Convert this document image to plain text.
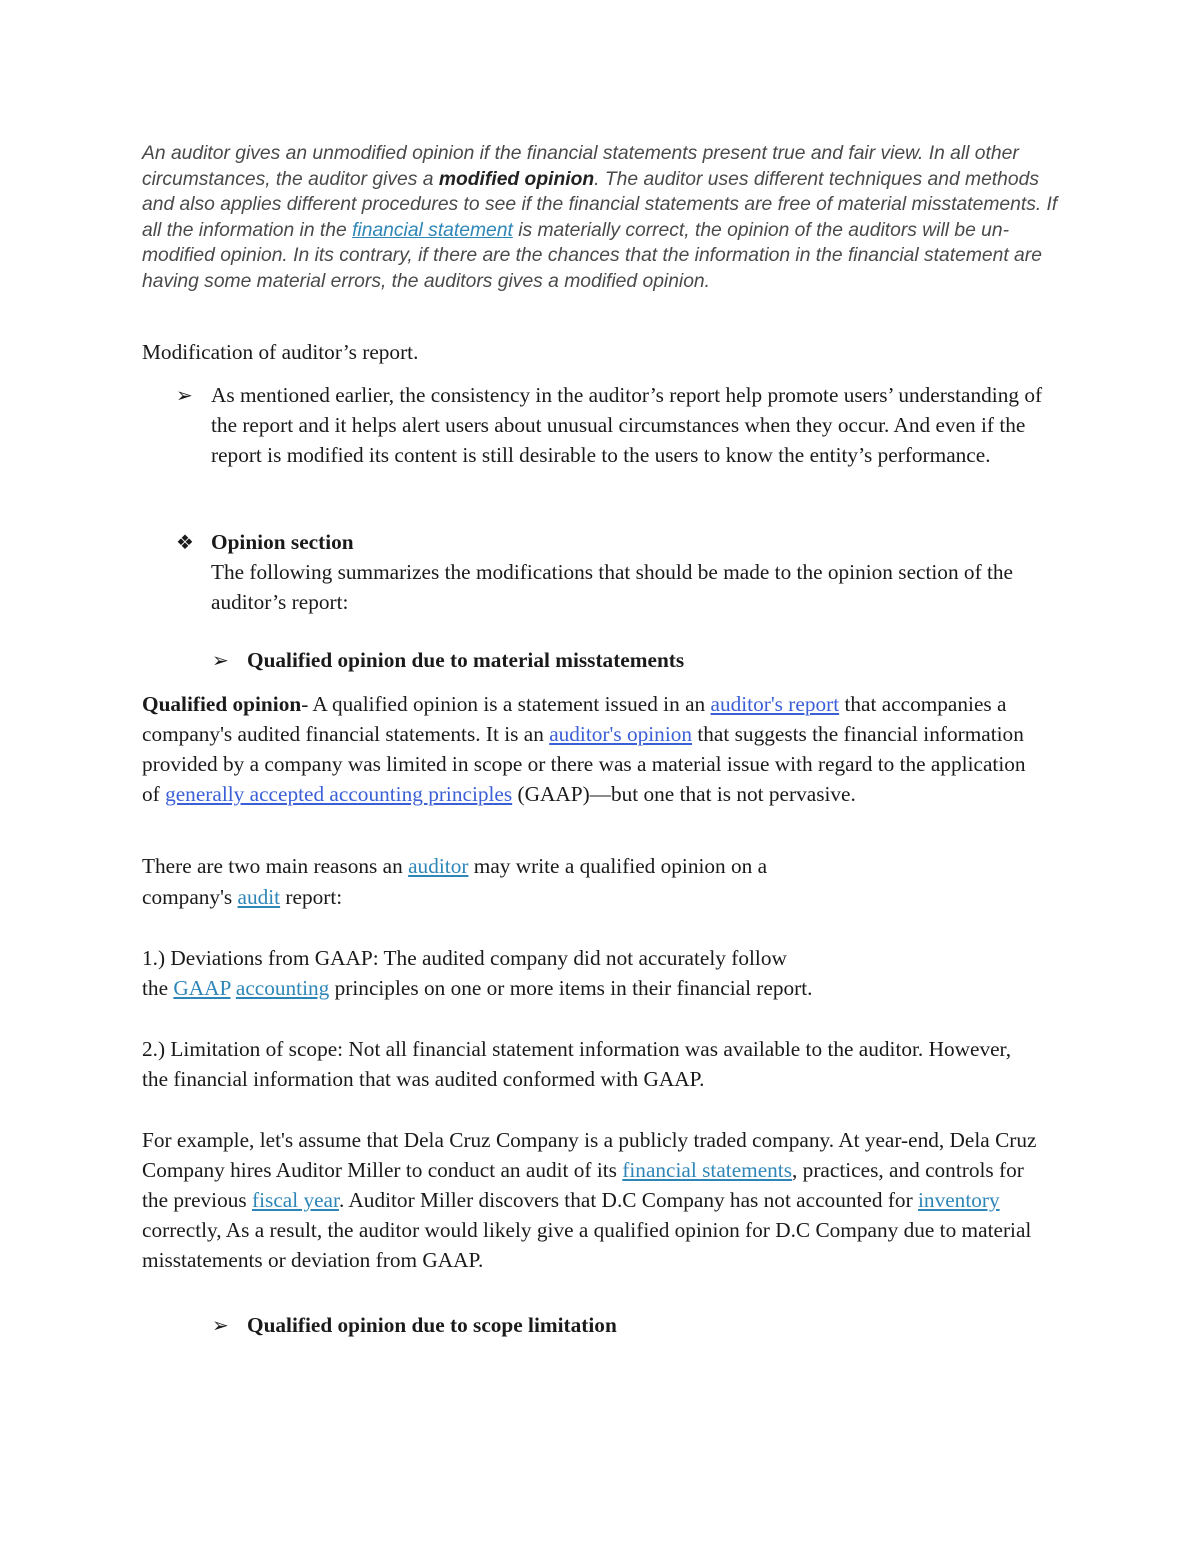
An auditor gives an unmodified opinion if the financial statements present true and fair view. In all other circumstances, the auditor gives a modified opinion. The auditor uses different techniques and methods and also applies different procedures to see if the financial statements are free of material misstatements. If all the information in the financial statement is materially correct, the opinion of the auditors will be un-modified opinion. In its contrary, if there are the chances that the information in the financial statement are having some material errors, the auditors gives a modified opinion.

Modification of auditor’s report.

➢ As mentioned earlier, the consistency in the auditor’s report help promote users’ understanding of the report and it helps alert users about unusual circumstances when they occur. And even if the report is modified its content is still desirable to the users to know the entity’s performance.

❖ Opinion section

The following summarizes the modifications that should be made to the opinion section of the auditor’s report:

➢ Qualified opinion due to material misstatements

Qualified opinion- A qualified opinion is a statement issued in an auditor's report that accompanies a company's audited financial statements. It is an auditor's opinion that suggests the financial information provided by a company was limited in scope or there was a material issue with regard to the application of generally accepted accounting principles (GAAP)—but one that is not pervasive.

There are two main reasons an auditor may write a qualified opinion on a

company's audit report:

1.) Deviations from GAAP: The audited company did not accurately follow

the GAAP accounting principles on one or more items in their financial report.

2.) Limitation of scope: Not all financial statement information was available to the auditor. However, the financial information that was audited conformed with GAAP.

For example, let's assume that Dela Cruz Company is a publicly traded company. At year-end, Dela Cruz Company hires Auditor Miller to conduct an audit of its financial statements, practices, and controls for the previous fiscal year. Auditor Miller discovers that D.C Company has not accounted for inventory correctly, As a result, the auditor would likely give a qualified opinion for D.C Company due to material misstatements or deviation from GAAP.

➢ Qualified opinion due to scope limitation
